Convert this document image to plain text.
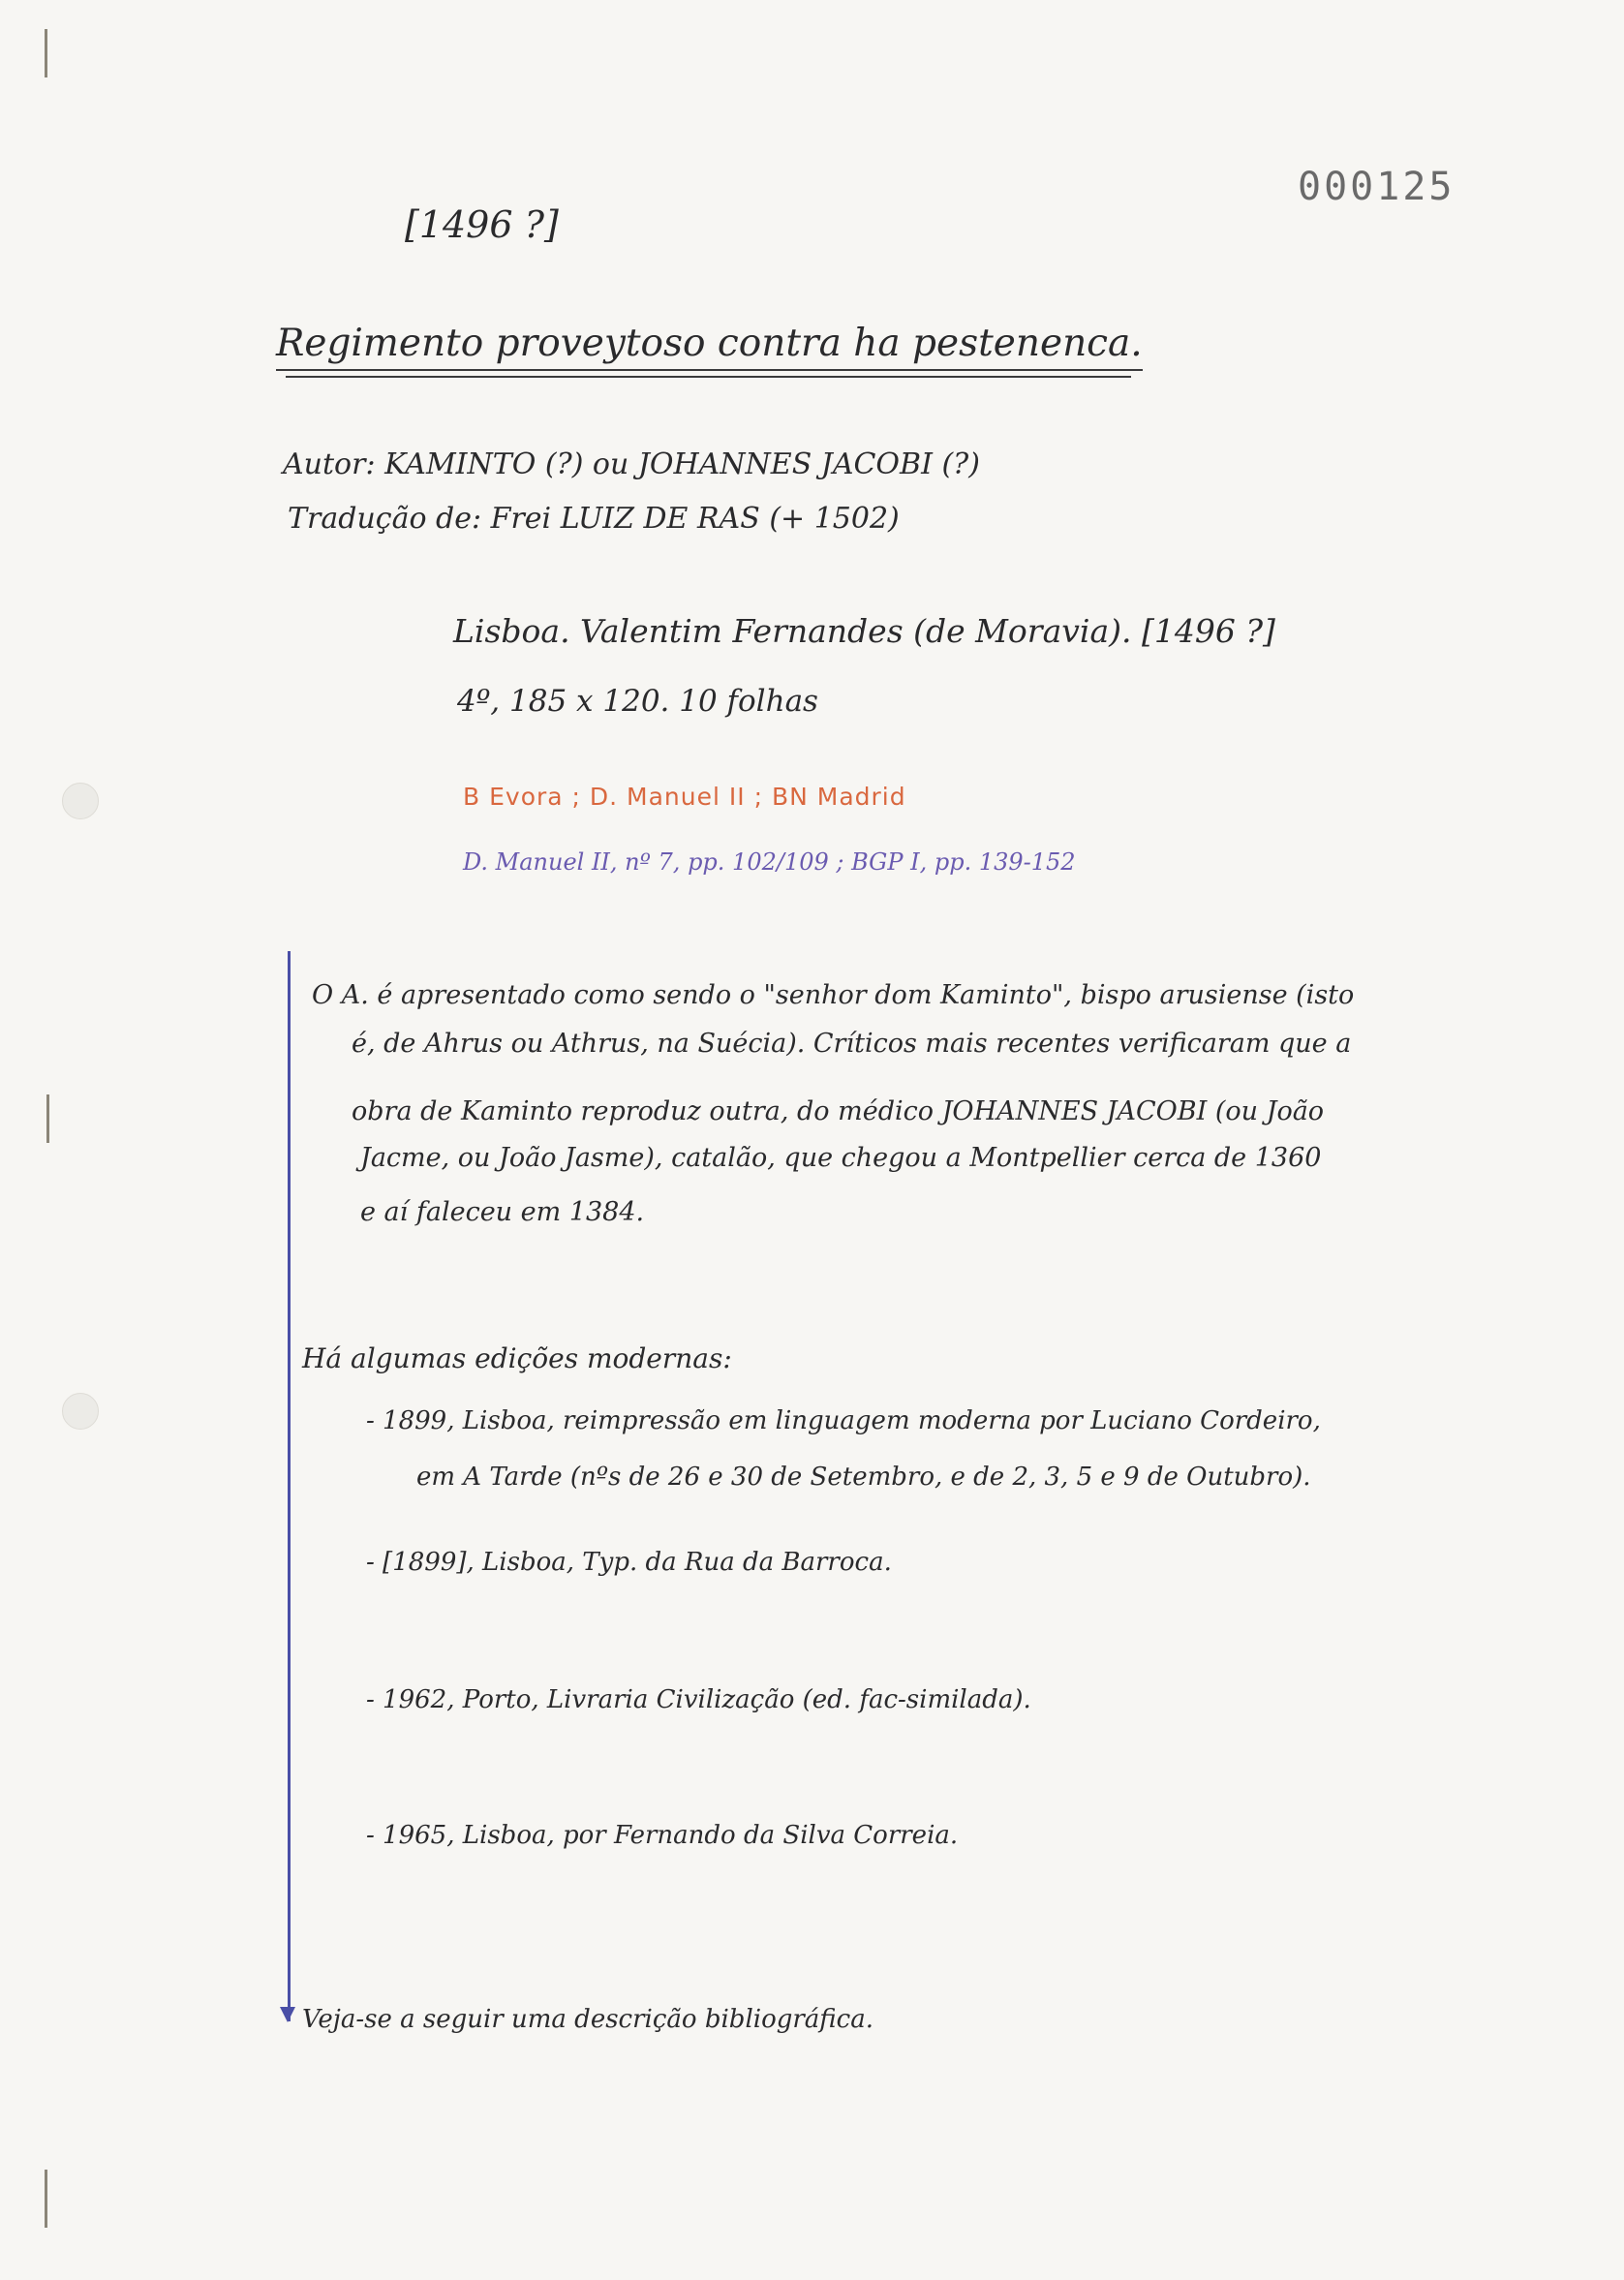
000125
[1496 ?]
Regimento proveytoso contra ha pestenenca.
Autor: KAMINTO (?) ou JOHANNES JACOBI (?)
Tradução de: Frei LUIZ DE RAS (+ 1502)
Lisboa. Valentim Fernandes (de Moravia). [1496 ?]
4º, 185 x 120. 10 folhas
B Evora ; D. Manuel II ; BN Madrid
D. Manuel II, nº 7, pp. 102/109 ; BGP I, pp. 139-152
O A. é apresentado como sendo o "senhor dom Kaminto", bispo arusiense (isto
é, de Ahrus ou Athrus, na Suécia). Críticos mais recentes verificaram que a
obra de Kaminto reproduz outra, do médico JOHANNES JACOBI (ou João
Jacme, ou João Jasme), catalão, que chegou a Montpellier cerca de 1360
e aí faleceu em 1384.
Há algumas edições modernas:
- 1899, Lisboa, reimpressão em linguagem moderna por Luciano Cordeiro,
em A Tarde (nºs de 26 e 30 de Setembro, e de 2, 3, 5 e 9 de Outubro).
- [1899], Lisboa, Typ. da Rua da Barroca.
- 1962, Porto, Livraria Civilização (ed. fac-similada).
- 1965, Lisboa, por Fernando da Silva Correia.
Veja-se a seguir uma descrição bibliográfica.
